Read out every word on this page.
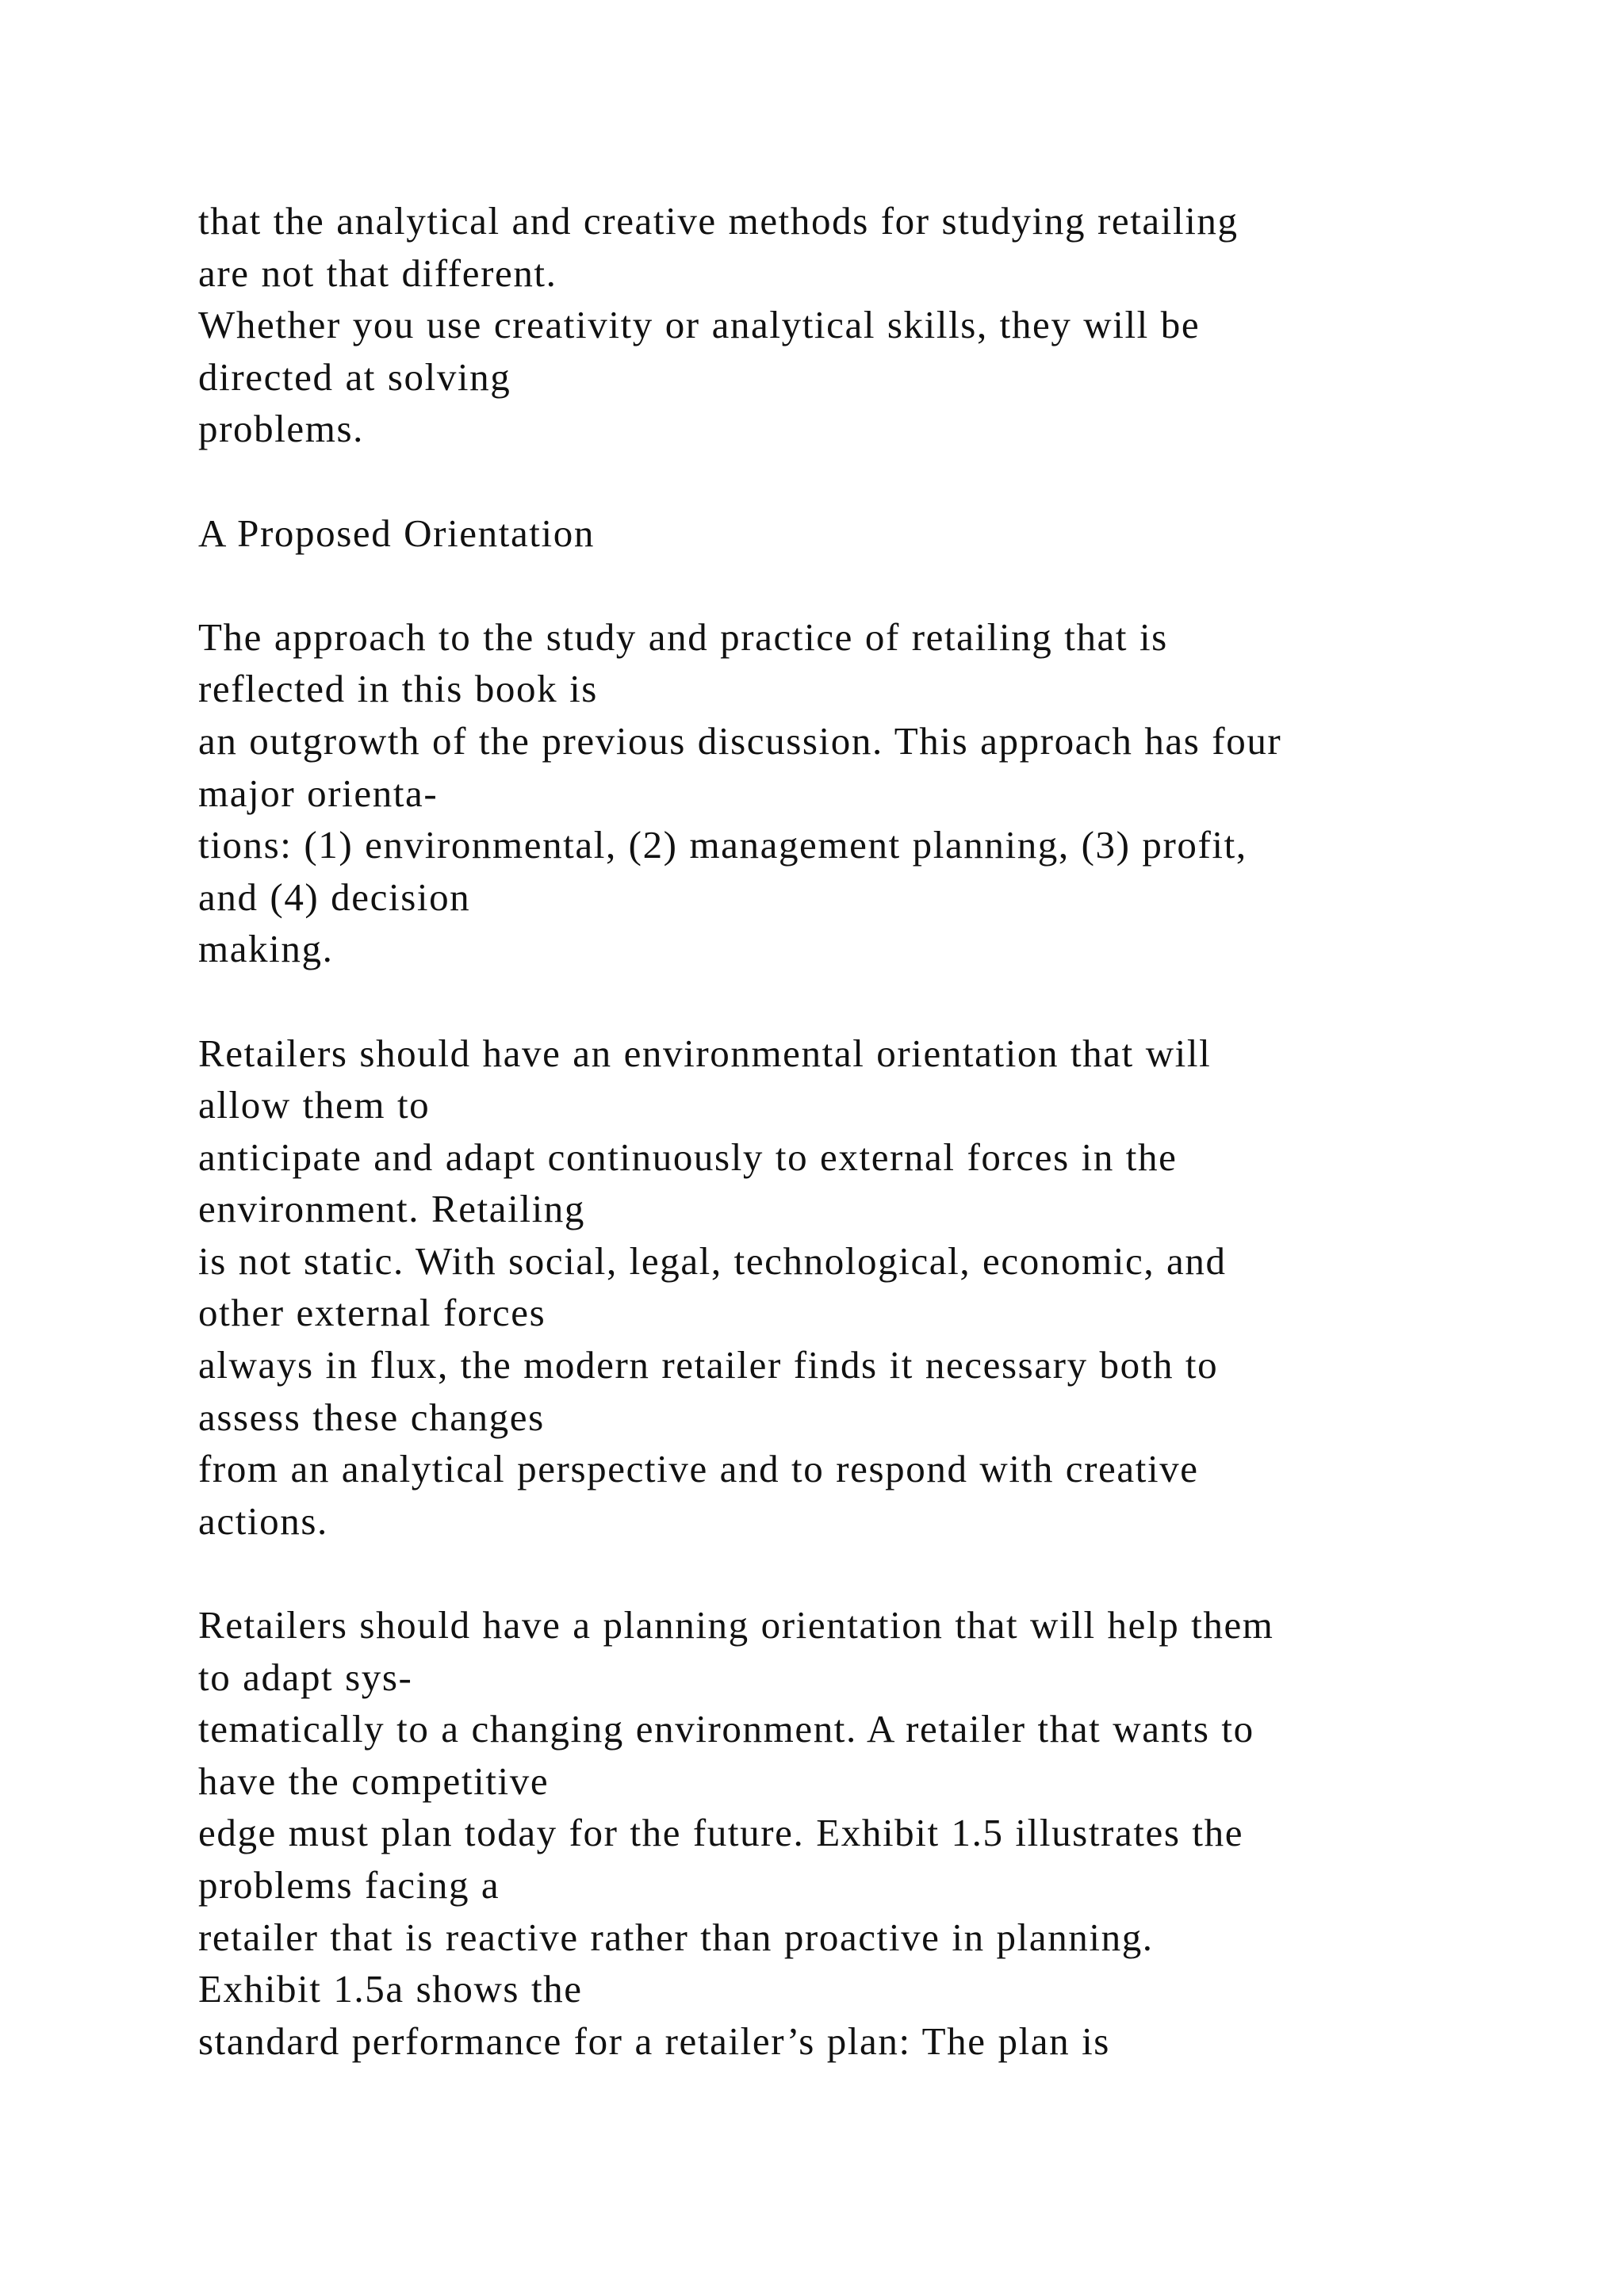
that the analytical and creative methods for studying retailing
are not that different.
Whether you use creativity or analytical skills, they will be
directed at solving
problems.
A Proposed Orientation
The approach to the study and practice of retailing that is
reflected in this book is
an outgrowth of the previous discussion. This approach has four
major orienta-
tions: (1) environmental, (2) management planning, (3) profit,
and (4) decision
making.
Retailers should have an environmental orientation that will
allow them to
anticipate and adapt continuously to external forces in the
environment. Retailing
is not static. With social, legal, technological, economic, and
other external forces
always in flux, the modern retailer finds it necessary both to
assess these changes
from an analytical perspective and to respond with creative
actions.
Retailers should have a planning orientation that will help them
to adapt sys-
tematically to a changing environment. A retailer that wants to
have the competitive
edge must plan today for the future. Exhibit 1.5 illustrates the
problems facing a
retailer that is reactive rather than proactive in planning.
Exhibit 1.5a shows the
standard performance for a retailer’s plan: The plan is
